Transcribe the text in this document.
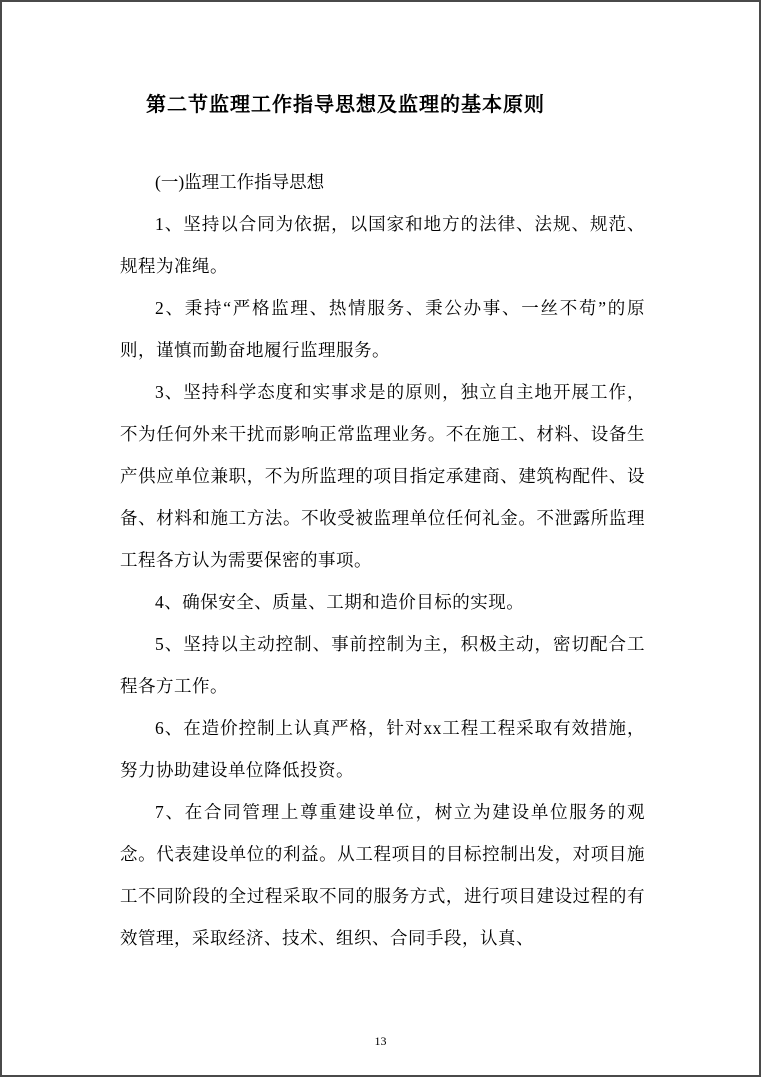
第二节监理工作指导思想及监理的基本原则

(一)监理工作指导思想

1、坚持以合同为依据，以国家和地方的法律、法规、规范、规程为准绳。

2、秉持“严格监理、热情服务、秉公办事、一丝不苟”的原则，谨慎而勤奋地履行监理服务。

3、坚持科学态度和实事求是的原则，独立自主地开展工作，不为任何外来干扰而影响正常监理业务。不在施工、材料、设备生产供应单位兼职，不为所监理的项目指定承建商、建筑构配件、设备、材料和施工方法。不收受被监理单位任何礼金。不泄露所监理工程各方认为需要保密的事项。

4、确保安全、质量、工期和造价目标的实现。

5、坚持以主动控制、事前控制为主，积极主动，密切配合工程各方工作。

6、在造价控制上认真严格，针对xx工程工程采取有效措施，努力协助建设单位降低投资。

7、在合同管理上尊重建设单位，树立为建设单位服务的观念。代表建设单位的利益。从工程项目的目标控制出发，对项目施工不同阶段的全过程采取不同的服务方式，进行项目建设过程的有效管理，采取经济、技术、组织、合同手段，认真、

13
